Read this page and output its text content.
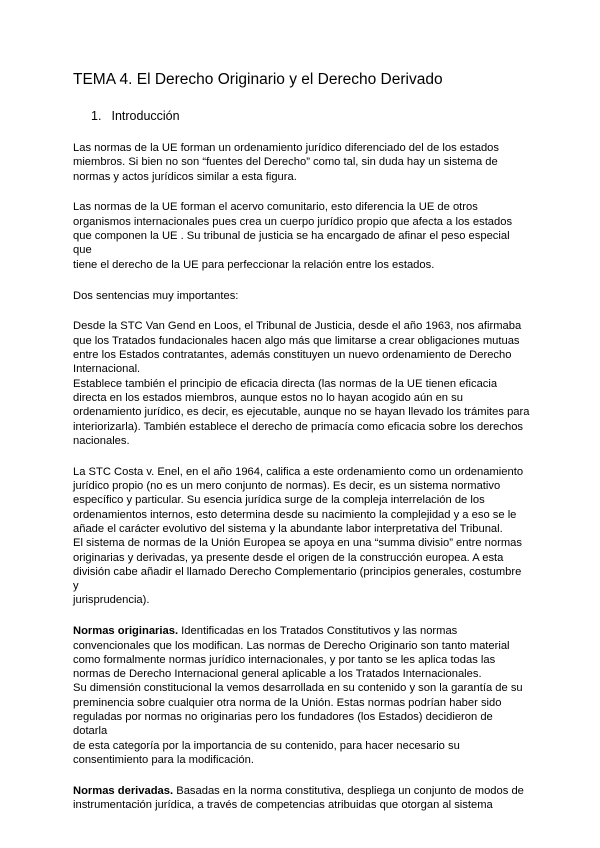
TEMA 4. El Derecho Originario y el Derecho Derivado
1. Introducción

Las normas de la UE forman un ordenamiento jurídico diferenciado del de los estados
miembros. Si bien no son “fuentes del Derecho” como tal, sin duda hay un sistema de
normas y actos jurídicos similar a esta figura.

Las normas de la UE forman el acervo comunitario, esto diferencia la UE de otros
organismos internacionales pues crea un cuerpo jurídico propio que afecta a los estados
que componen la UE . Su tribunal de justicia se ha encargado de afinar el peso especial que
tiene el derecho de la UE para perfeccionar la relación entre los estados.

Dos sentencias muy importantes:

Desde la STC Van Gend en Loos, el Tribunal de Justicia, desde el año 1963, nos afirmaba
que los Tratados fundacionales hacen algo más que limitarse a crear obligaciones mutuas
entre los Estados contratantes, además constituyen un nuevo ordenamiento de Derecho
Internacional.
Establece también el principio de eficacia directa (las normas de la UE tienen eficacia
directa en los estados miembros, aunque estos no lo hayan acogido aún en su
ordenamiento jurídico, es decir, es ejecutable, aunque no se hayan llevado los trámites para
interiorizarla). También establece el derecho de primacía como eficacia sobre los derechos
nacionales.

La STC Costa v. Enel, en el año 1964, califica a este ordenamiento como un ordenamiento
jurídico propio (no es un mero conjunto de normas). Es decir, es un sistema normativo
específico y particular. Su esencia jurídica surge de la compleja interrelación de los
ordenamientos internos, esto determina desde su nacimiento la complejidad y a eso se le
añade el carácter evolutivo del sistema y la abundante labor interpretativa del Tribunal.
El sistema de normas de la Unión Europea se apoya en una “summa divisio” entre normas
originarias y derivadas, ya presente desde el origen de la construcción europea. A esta
división cabe añadir el llamado Derecho Complementario (principios generales, costumbre y
jurisprudencia).

Normas originarias. Identificadas en los Tratados Constitutivos y las normas
convencionales que los modifican. Las normas de Derecho Originario son tanto material
como formalmente normas jurídico internacionales, y por tanto se les aplica todas las
normas de Derecho Internacional general aplicable a los Tratados Internacionales.
Su dimensión constitucional la vemos desarrollada en su contenido y son la garantía de su
preminencia sobre cualquier otra norma de la Unión. Estas normas podrían haber sido
reguladas por normas no originarias pero los fundadores (los Estados) decidieron de dotarla
de esta categoría por la importancia de su contenido, para hacer necesario su
consentimiento para la modificación.

Normas derivadas. Basadas en la norma constitutiva, despliega un conjunto de modos de
instrumentación jurídica, a través de competencias atribuidas que otorgan al sistema
